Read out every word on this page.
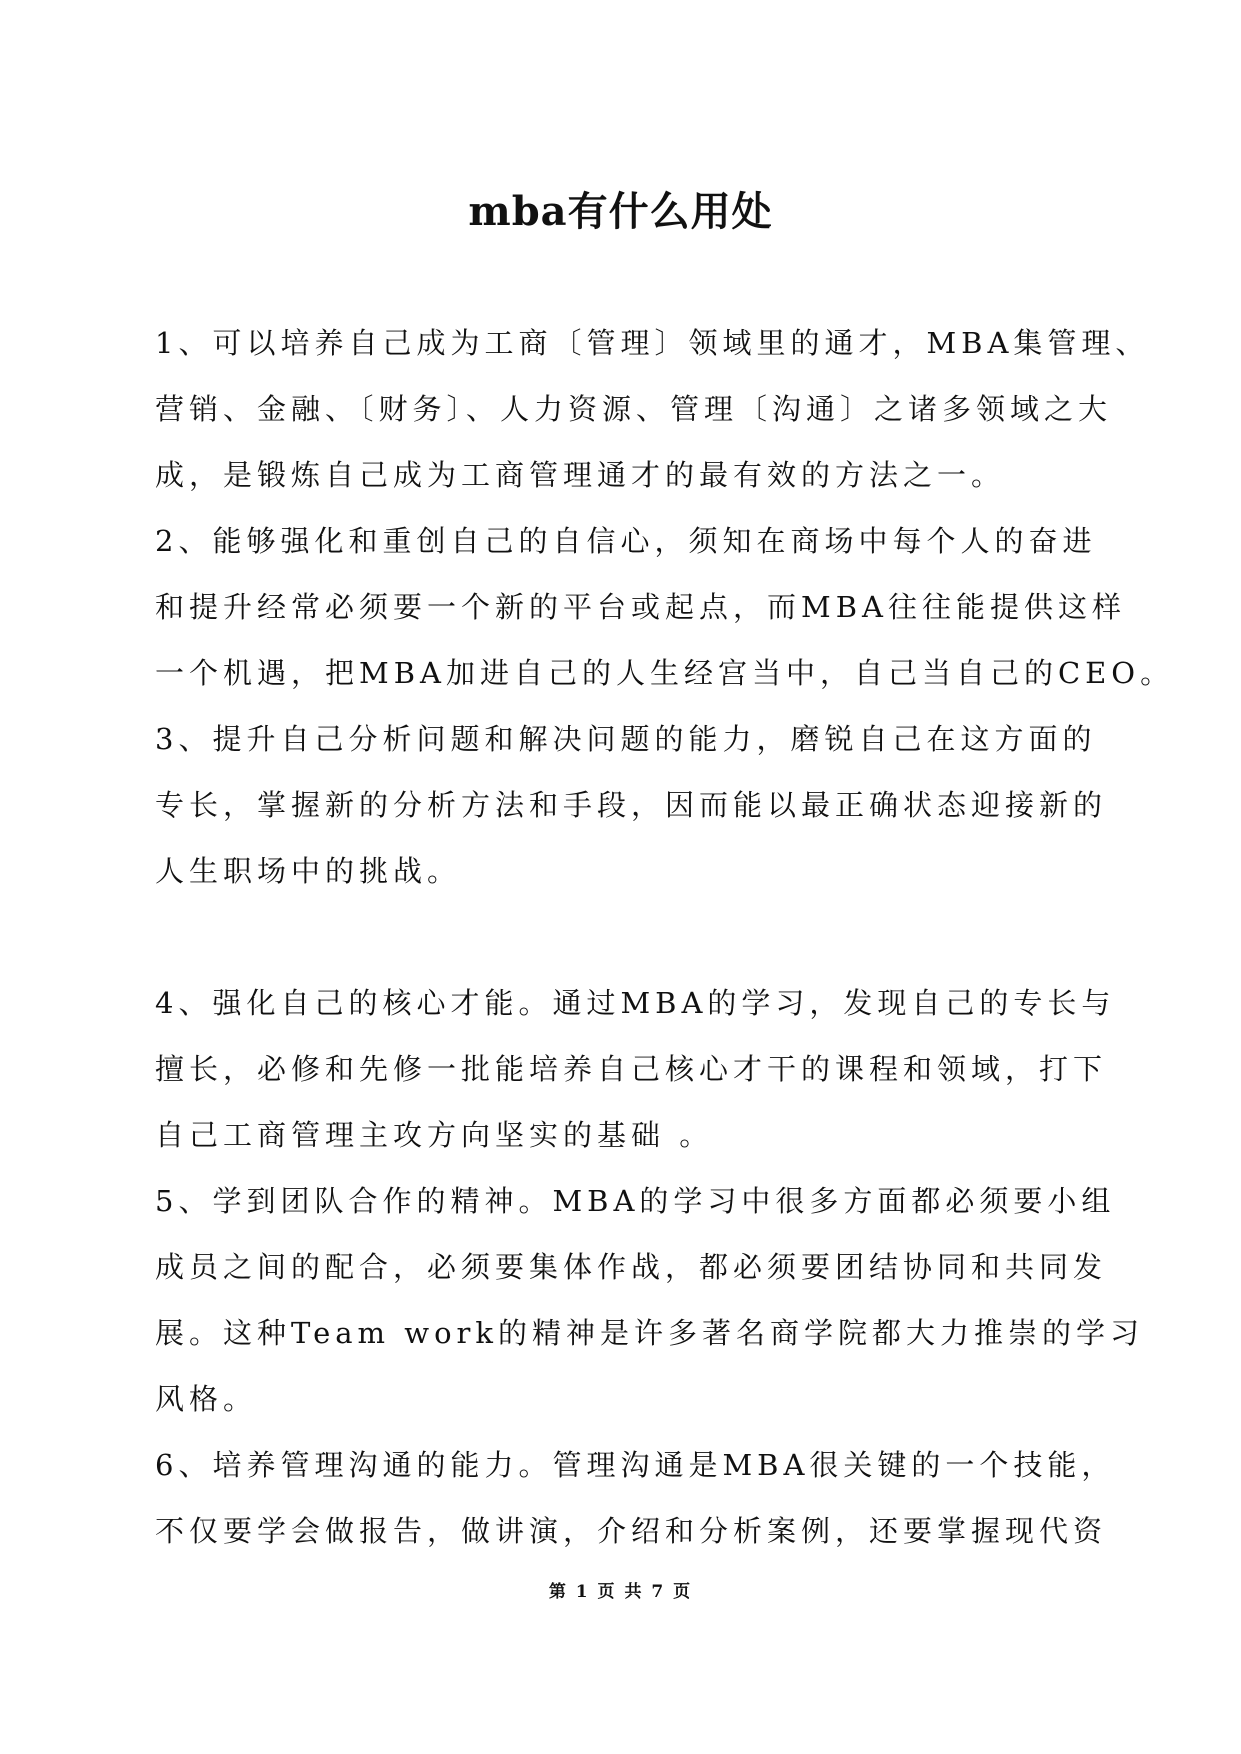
mba有什么用处
1、可以培养自己成为工商〔管理〕领域里的通才，MBA集管理、
营销、金融、〔财务〕、人力资源、管理〔沟通〕之诸多领域之大
成，是锻炼自己成为工商管理通才的最有效的方法之一。
2、能够强化和重创自己的自信心，须知在商场中每个人的奋进
和提升经常必须要一个新的平台或起点，而MBA往往能提供这样
一个机遇，把MBA加进自己的人生经宫当中，自己当自己的CEO。
3、提升自己分析问题和解决问题的能力，磨锐自己在这方面的
专长，掌握新的分析方法和手段，因而能以最正确状态迎接新的
人生职场中的挑战。
4、强化自己的核心才能。通过MBA的学习，发现自己的专长与
擅长，必修和先修一批能培养自己核心才干的课程和领域，打下
自己工商管理主攻方向坚实的基础 。
5、学到团队合作的精神。MBA的学习中很多方面都必须要小组
成员之间的配合，必须要集体作战，都必须要团结协同和共同发
展。这种Team work的精神是许多著名商学院都大力推崇的学习
风格。
6、培养管理沟通的能力。管理沟通是MBA很关键的一个技能，
不仅要学会做报告，做讲演，介绍和分析案例，还要掌握现代资
第 1 页 共 7 页
